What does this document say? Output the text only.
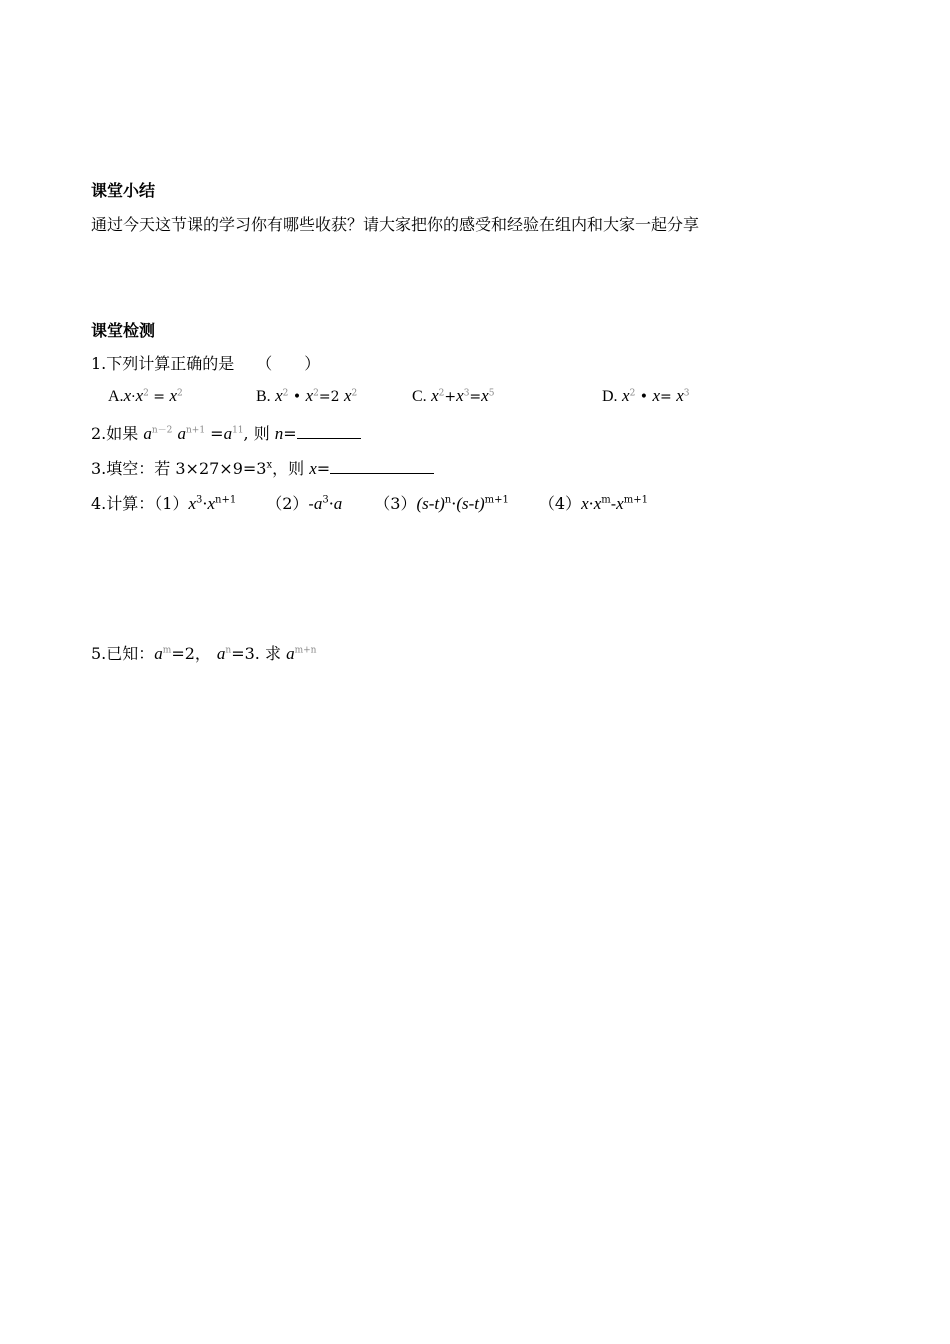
课堂小结
通过今天这节课的学习你有哪些收获？请大家把你的感受和经验在组内和大家一起分享
课堂检测
1.下列计算正确的是 （　　）
$A.x\cdot x^2 = x^2$	B. $x^2$ • $x^2=2$ $x^2$	C. $x^2+x^3=x^5$	D. $x^2$ • $x= x^3$
2.如果 $a^{n-2}$ $a^{n+1} =a^{11}$, 则 n=
3.填空：若 $3\times 27\times 9=3^x$，则 x=
4.计算：$(1)x^3\cdot x^{n+1}$ $(2)-a^3\cdot a$ $(3)(s-t)^n\cdot(s-t)^{m+1}$ $(4)x\cdot x^m-x^{m+1}$
5.已知：$a^m=2$， $a^n=3$. 求 $a^{m+n}$
